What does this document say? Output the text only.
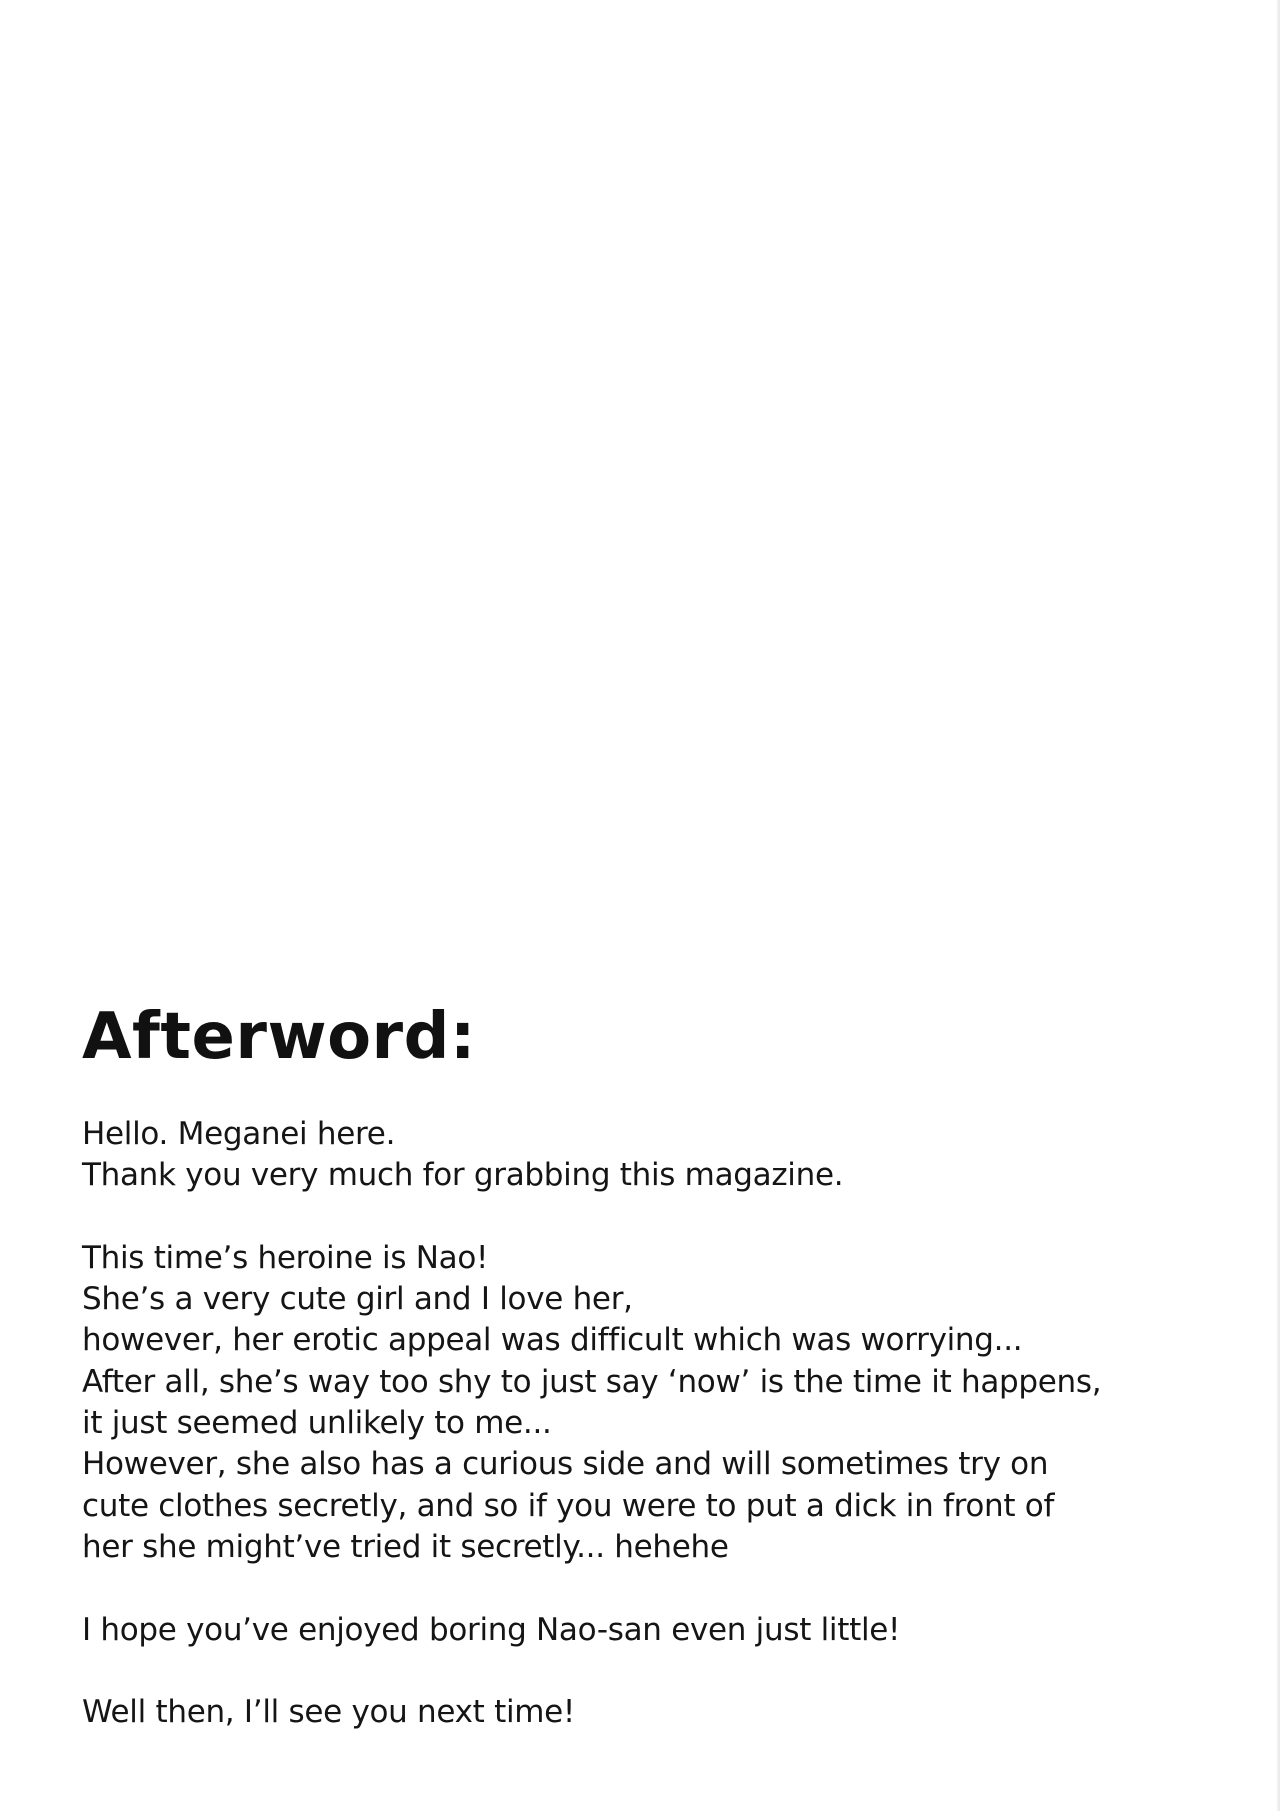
Afterword:
Hello. Meganei here.
Thank you very much for grabbing this magazine.
This time’s heroine is Nao!
She’s a very cute girl and I love her,
however, her erotic appeal was difficult which was worrying...
After all, she’s way too shy to just say ‘now’ is the time it happens,
it just seemed unlikely to me...
However, she also has a curious side and will sometimes try on
cute clothes secretly, and so if you were to put a dick in front of
her she might’ve tried it secretly... hehehe
I hope you’ve enjoyed boring Nao-san even just little!
Well then, I’ll see you next time!
